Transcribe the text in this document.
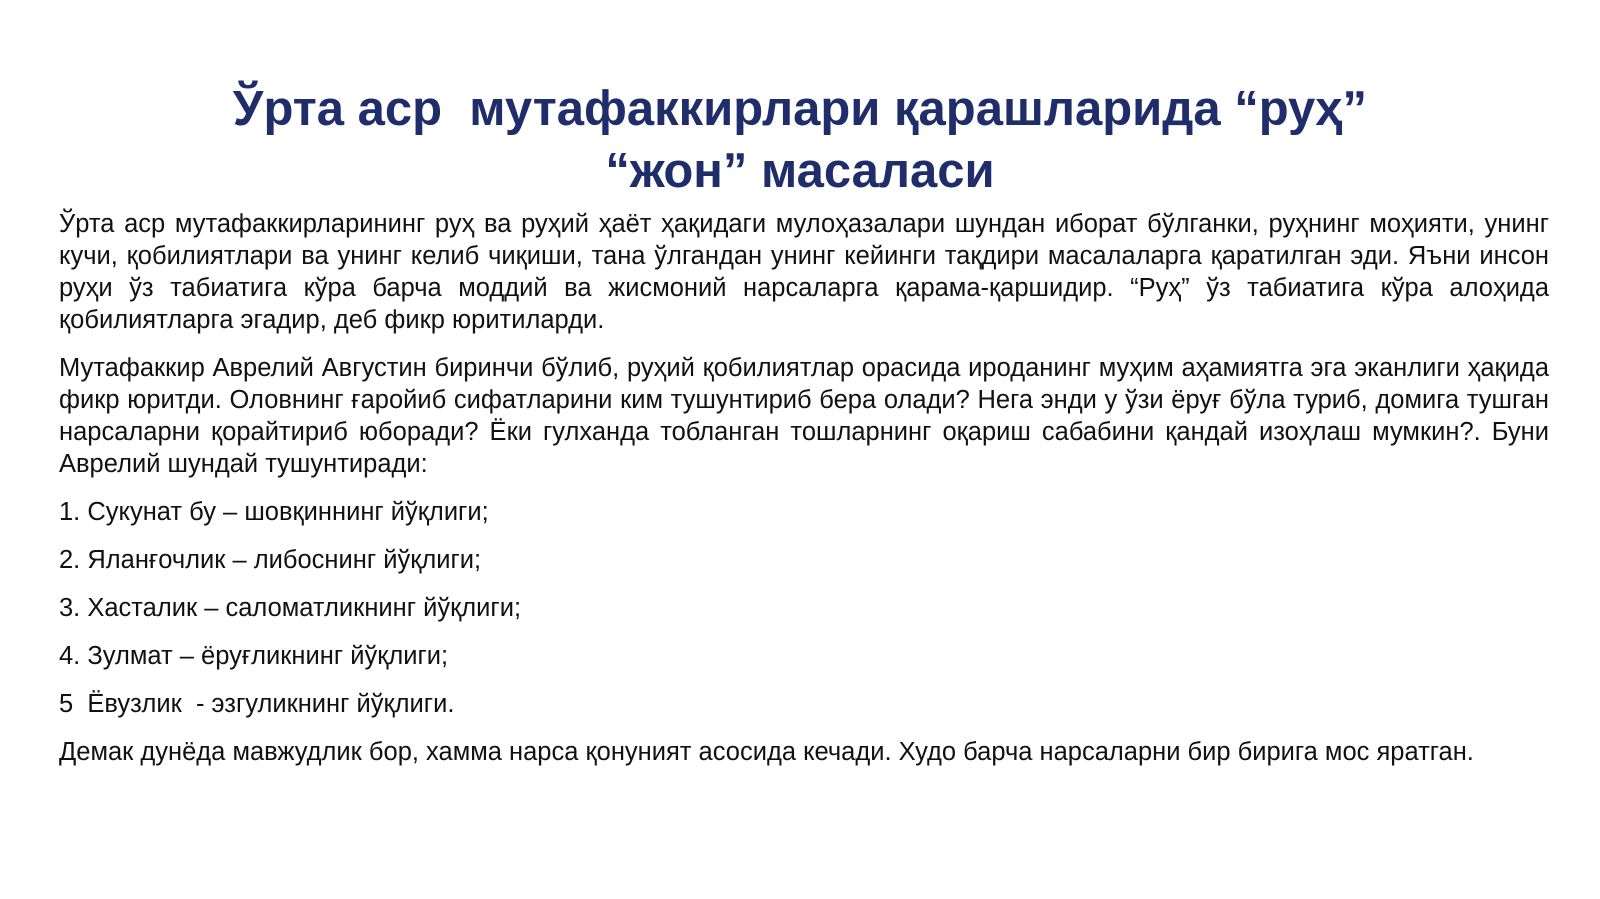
Ўрта аср  мутафаккирлари қарашларида “руҳ”
“жон” масаласи

Ўрта аср мутафаккирларининг руҳ ва руҳий ҳаёт ҳақидаги мулоҳазалари шундан иборат бўлганки, руҳнинг моҳияти, унинг кучи, қобилиятлари ва унинг келиб чиқиши, тана ўлгандан унинг кейинги тақдири масалаларга қаратилган эди. Яъни инсон руҳи ўз табиатига кўра барча моддий ва жисмоний нарсаларга қарама-қаршидир. “Руҳ” ўз табиатига кўра алоҳида қобилиятларга эгадир, деб фикр юритиларди.

Мутафаккир Аврелий Августин биринчи бўлиб, руҳий қобилиятлар орасида ироданинг муҳим аҳамиятга эга эканлиги ҳақида фикр юритди. Оловнинг ғаройиб сифатларини ким тушунтириб бера олади? Нега энди у ўзи ёруғ бўла туриб, домига тушган нарсаларни қорайтириб юборади? Ёки гулханда тобланган тошларнинг оқариш сабабини қандай изоҳлаш мумкин?. Буни Аврелий шундай тушунтиради:

1. Сукунат бу – шовқиннинг йўқлиги;

2. Яланғочлик – либоснинг йўқлиги;

3. Хасталик – саломатликнинг йўқлиги;

4. Зулмат – ёруғликнинг йўқлиги;

5  Ёвузлик  - эзгуликнинг йўқлиги.

Демак дунёда мавжудлик бор, хамма нарса қонуният асосида кечади. Худо барча нарсаларни бир бирига мос яратган.
